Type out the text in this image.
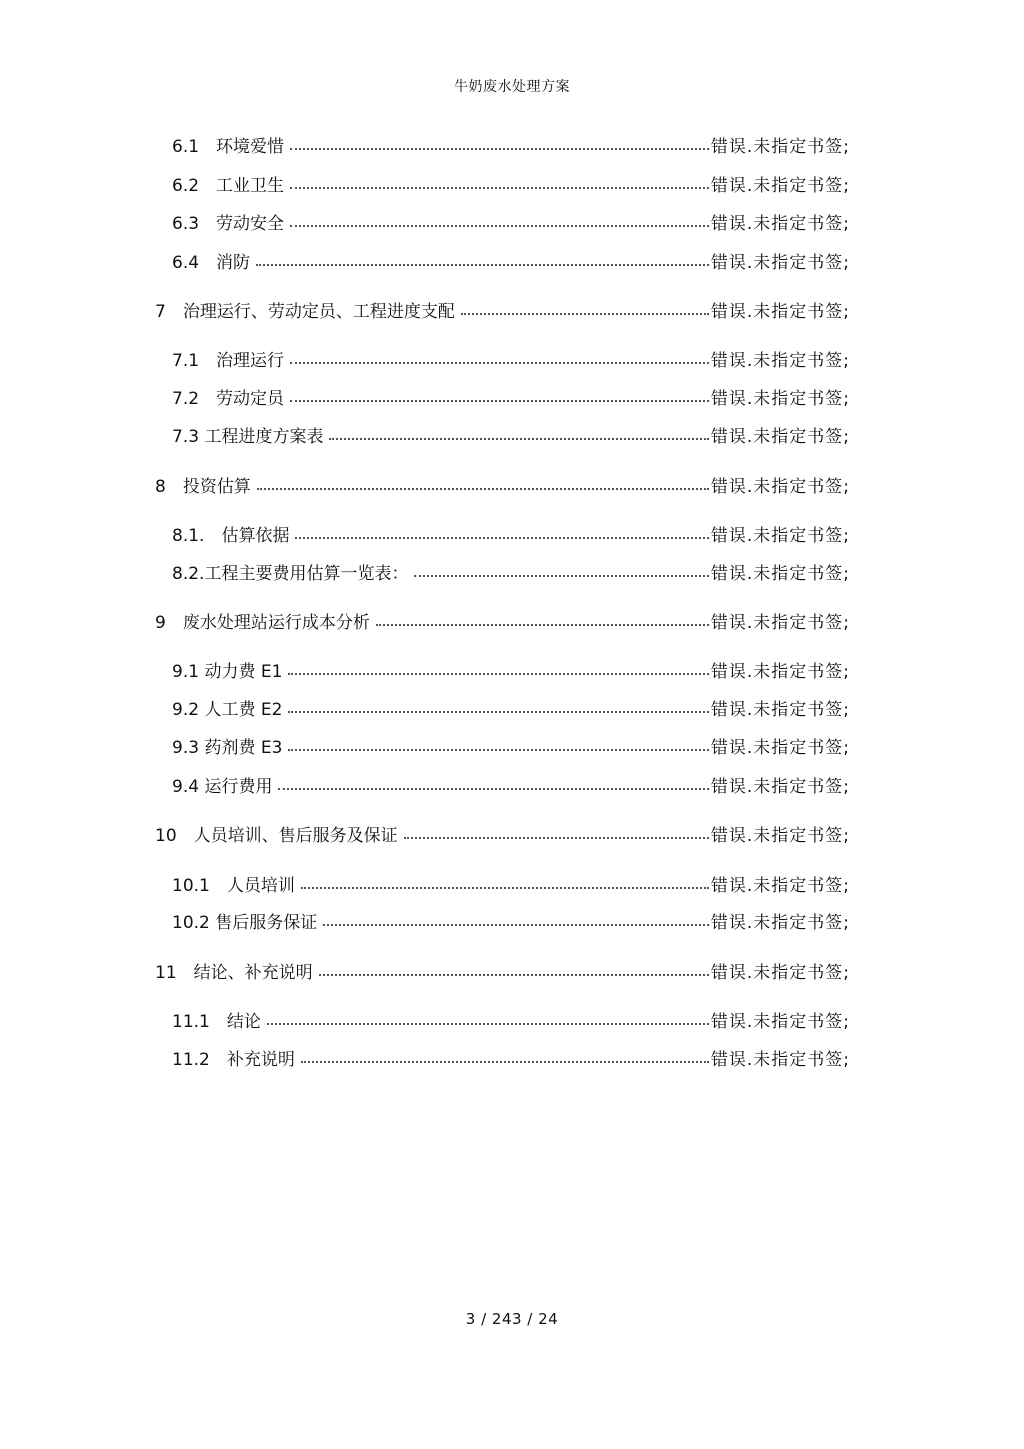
牛奶废水处理方案
6.1　环境爱惜	错误.未指定书签;
6.2　工业卫生	错误.未指定书签;
6.3　劳动安全	错误.未指定书签;
6.4　消防	错误.未指定书签;
7　治理运行、劳动定员、工程进度支配	错误.未指定书签;
7.1　治理运行	错误.未指定书签;
7.2　劳动定员	错误.未指定书签;
7.3 工程进度方案表	错误.未指定书签;
8　投资估算	错误.未指定书签;
8.1.　估算依据	错误.未指定书签;
8.2.工程主要费用估算一览表：	错误.未指定书签;
9　废水处理站运行成本分析	错误.未指定书签;
9.1 动力费 E1	错误.未指定书签;
9.2 人工费 E2	错误.未指定书签;
9.3 药剂费 E3	错误.未指定书签;
9.4 运行费用	错误.未指定书签;
10　人员培训、售后服务及保证	错误.未指定书签;
10.1　人员培训	错误.未指定书签;
10.2 售后服务保证	错误.未指定书签;
11　结论、补充说明	错误.未指定书签;
11.1　结论	错误.未指定书签;
11.2　补充说明	错误.未指定书签;
3 / 243 / 24
